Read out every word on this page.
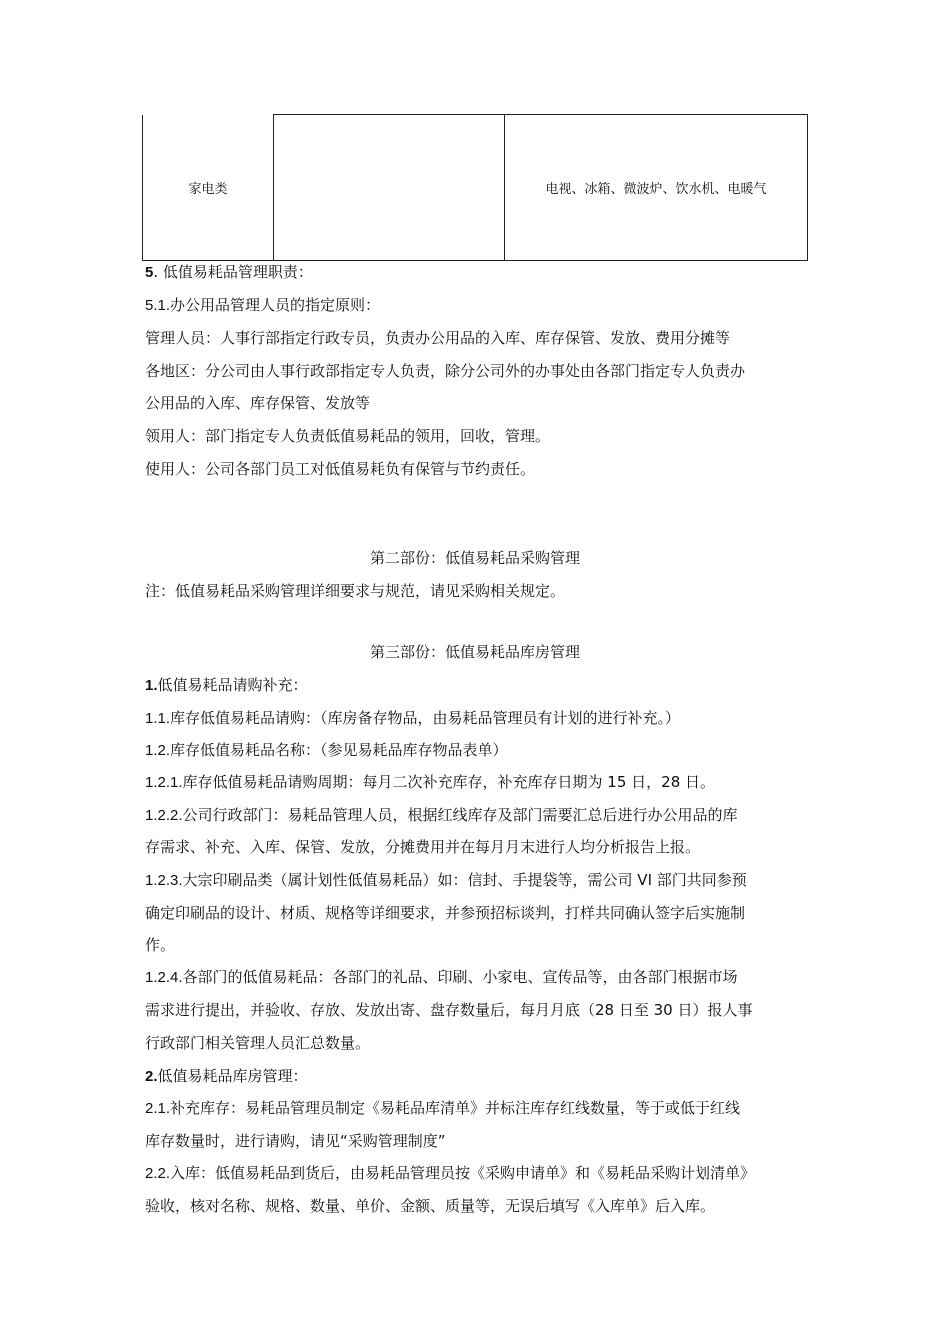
家电类		电视、冰箱、微波炉、饮水机、电暖气
5. 低值易耗品管理职责：
5.1.办公用品管理人员的指定原则：
管理人员：人事行部指定行政专员，负责办公用品的入库、库存保管、发放、费用分摊等
各地区：分公司由人事行政部指定专人负责，除分公司外的办事处由各部门指定专人负责办
公用品的入库、库存保管、发放等
领用人：部门指定专人负责低值易耗品的领用，回收，管理。
使用人：公司各部门员工对低值易耗负有保管与节约责任。
第二部份：低值易耗品采购管理
注：低值易耗品采购管理详细要求与规范，请见采购相关规定。
第三部份：低值易耗品库房管理
1.低值易耗品请购补充：
1.1.库存低值易耗品请购：（库房备存物品，由易耗品管理员有计划的进行补充。）
1.2.库存低值易耗品名称：（参见易耗品库存物品表单）
1.2.1.库存低值易耗品请购周期：每月二次补充库存，补充库存日期为 15 日，28 日。
1.2.2.公司行政部门：易耗品管理人员，根据红线库存及部门需要汇总后进行办公用品的库
存需求、补充、入库、保管、发放，分摊费用并在每月月末进行人均分析报告上报。
1.2.3.大宗印刷品类（属计划性低值易耗品）如：信封、手提袋等，需公司 VI 部门共同参预
确定印刷品的设计、材质、规格等详细要求，并参预招标谈判，打样共同确认签字后实施制
作。
1.2.4.各部门的低值易耗品：各部门的礼品、印刷、小家电、宣传品等，由各部门根据市场
需求进行提出，并验收、存放、发放出寄、盘存数量后，每月月底（28 日至 30 日）报人事
行政部门相关管理人员汇总数量。
2.低值易耗品库房管理：
2.1.补充库存：易耗品管理员制定《易耗品库清单》并标注库存红线数量，等于或低于红线
库存数量时，进行请购，请见“采购管理制度”
2.2.入库：低值易耗品到货后，由易耗品管理员按《采购申请单》和《易耗品采购计划清单》
验收，核对名称、规格、数量、单价、金额、质量等，无误后填写《入库单》后入库。
